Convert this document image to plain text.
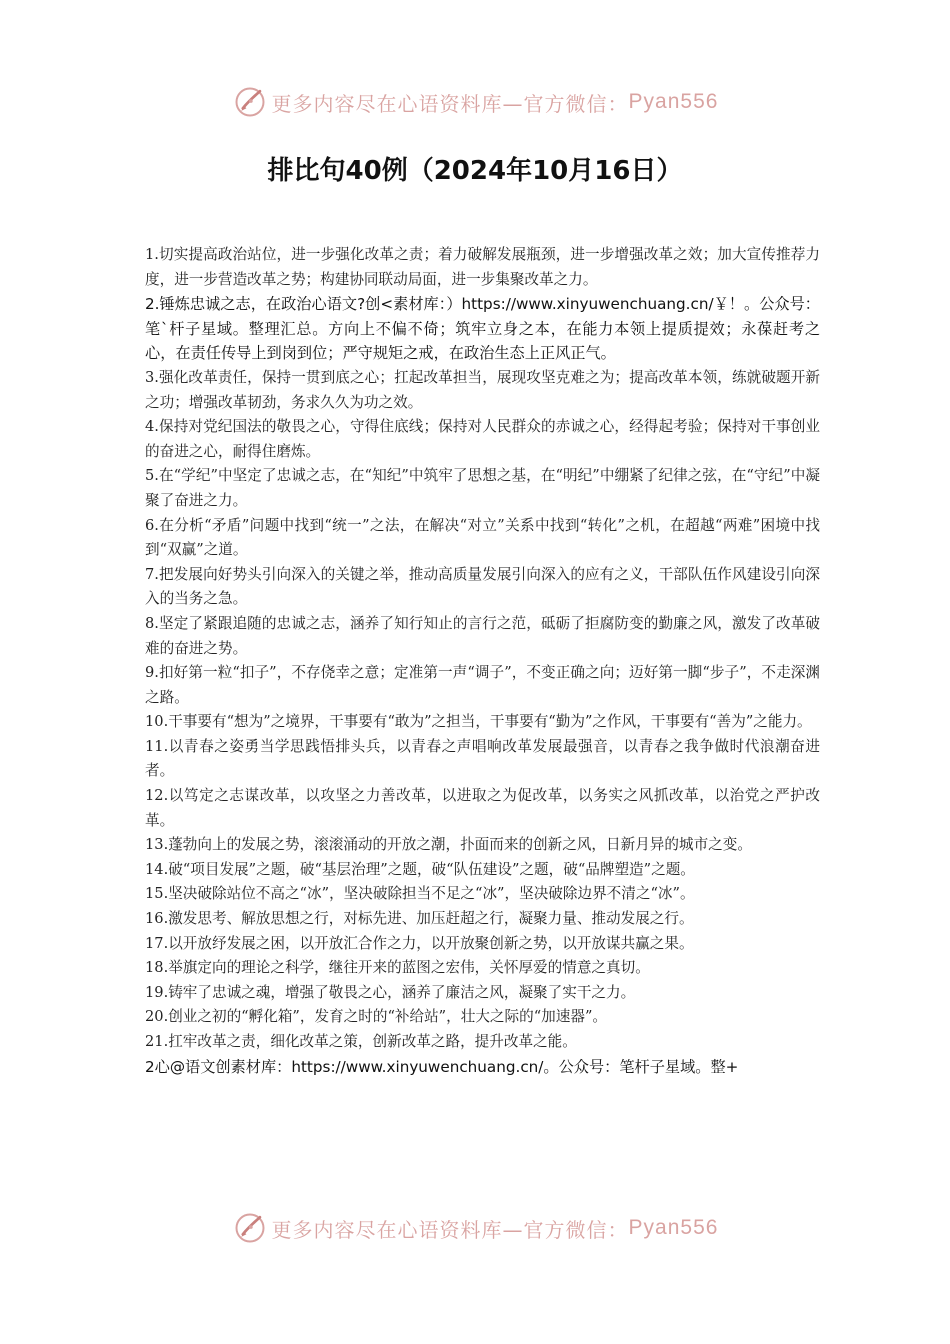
更多内容尽在心语资料库—官方微信： Pyan556
排比句40例（2024年10月16日）

1.切实提高政治站位，进一步强化改革之责；着力破解发展瓶颈，进一步增强改革之效；加大宣传推荐力度，进一步营造改革之势；构建协同联动局面，进一步集聚改革之力。

2.锤炼忠诚之志，在政治心语文?创<素材库：）https://www.xinyuwenchuang.cn/￥！。公众号：笔`杆子星域。整理汇总。方向上不偏不倚；筑牢立身之本，在能力本领上提质提效；永葆赶考之心，在责任传导上到岗到位；严守规矩之戒，在政治生态上正风正气。

3.强化改革责任，保持一贯到底之心；扛起改革担当，展现攻坚克难之为；提高改革本领，练就破题开新之功；增强改革韧劲，务求久久为功之效。

4.保持对党纪国法的敬畏之心，守得住底线；保持对人民群众的赤诚之心，经得起考验；保持对干事创业的奋进之心，耐得住磨炼。

5.在“学纪”中坚定了忠诚之志，在“知纪”中筑牢了思想之基，在“明纪”中绷紧了纪律之弦，在“守纪”中凝聚了奋进之力。

6.在分析“矛盾”问题中找到“统一”之法，在解决“对立”关系中找到“转化”之机，在超越“两难”困境中找到“双赢”之道。

7.把发展向好势头引向深入的关键之举，推动高质量发展引向深入的应有之义，干部队伍作风建设引向深入的当务之急。

8.坚定了紧跟追随的忠诚之志，涵养了知行知止的言行之范，砥砺了拒腐防变的勤廉之风，激发了改革破难的奋进之势。

9.扣好第一粒“扣子”，不存侥幸之意；定准第一声“调子”，不变正确之向；迈好第一脚“步子”，不走深渊之路。

10.干事要有“想为”之境界，干事要有“敢为”之担当，干事要有“勤为”之作风，干事要有“善为”之能力。

11.以青春之姿勇当学思践悟排头兵，以青春之声唱响改革发展最强音，以青春之我争做时代浪潮奋进者。

12.以笃定之志谋改革，以攻坚之力善改革，以进取之为促改革，以务实之风抓改革，以治党之严护改革。

13.蓬勃向上的发展之势，滚滚涌动的开放之潮，扑面而来的创新之风，日新月异的城市之变。

14.破“项目发展”之题，破“基层治理”之题，破“队伍建设”之题，破“品牌塑造”之题。

15.坚决破除站位不高之“冰”，坚决破除担当不足之“冰”，坚决破除边界不清之“冰”。

16.激发思考、解放思想之行，对标先进、加压赶超之行，凝聚力量、推动发展之行。

17.以开放纾发展之困，以开放汇合作之力，以开放聚创新之势，以开放谋共赢之果。

18.举旗定向的理论之科学，继往开来的蓝图之宏伟，关怀厚爱的情意之真切。

19.铸牢了忠诚之魂，增强了敬畏之心，涵养了廉洁之风，凝聚了实干之力。

20.创业之初的“孵化箱”，发育之时的“补给站”，壮大之际的“加速器”。

21.扛牢改革之责，细化改革之策，创新改革之路，提升改革之能。

2心@语文创素材库：https://www.xinyuwenchuang.cn/。公众号：笔杆子星域。整+

更多内容尽在心语资料库—官方微信： Pyan556
